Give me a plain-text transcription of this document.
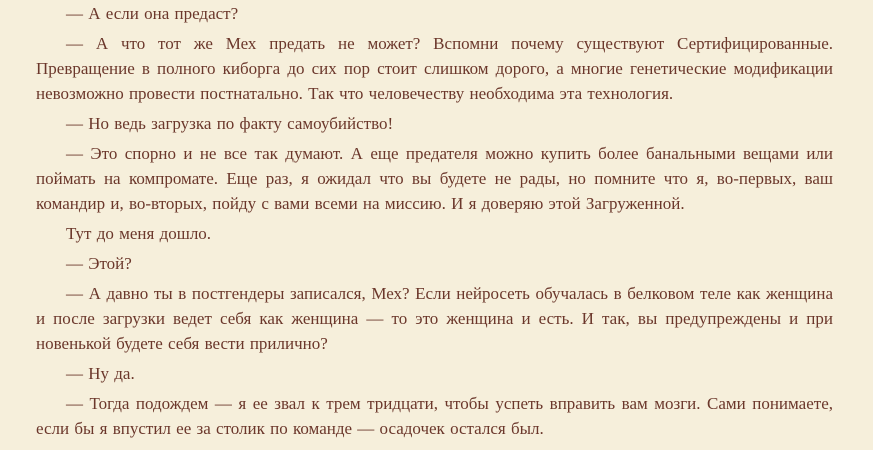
— А если она предаст?

— А что тот же Мех предать не может? Вспомни почему существуют Сертифицированные. Превращение в полного киборга до сих пор стоит слишком дорого, а многие генетические модификации невозможно провести постнатально. Так что человечеству необходима эта технология.

— Но ведь загрузка по факту самоубийство!

— Это спорно и не все так думают. А еще предателя можно купить более банальными вещами или поймать на компромате. Еще раз, я ожидал что вы будете не рады, но помните что я, во-первых, ваш командир и, во-вторых, пойду с вами всеми на миссию. И я доверяю этой Загруженной.

Тут до меня дошло.

— Этой?

— А давно ты в постгендеры записался, Мех? Если нейросеть обучалась в белковом теле как женщина и после загрузки ведет себя как женщина — то это женщина и есть. И так, вы предупреждены и при новенькой будете себя вести прилично?

— Ну да.

— Тогда подождем — я ее звал к трем тридцати, чтобы успеть вправить вам мозги. Сами понимаете, если бы я впустил ее за столик по команде — осадочек остался был.
